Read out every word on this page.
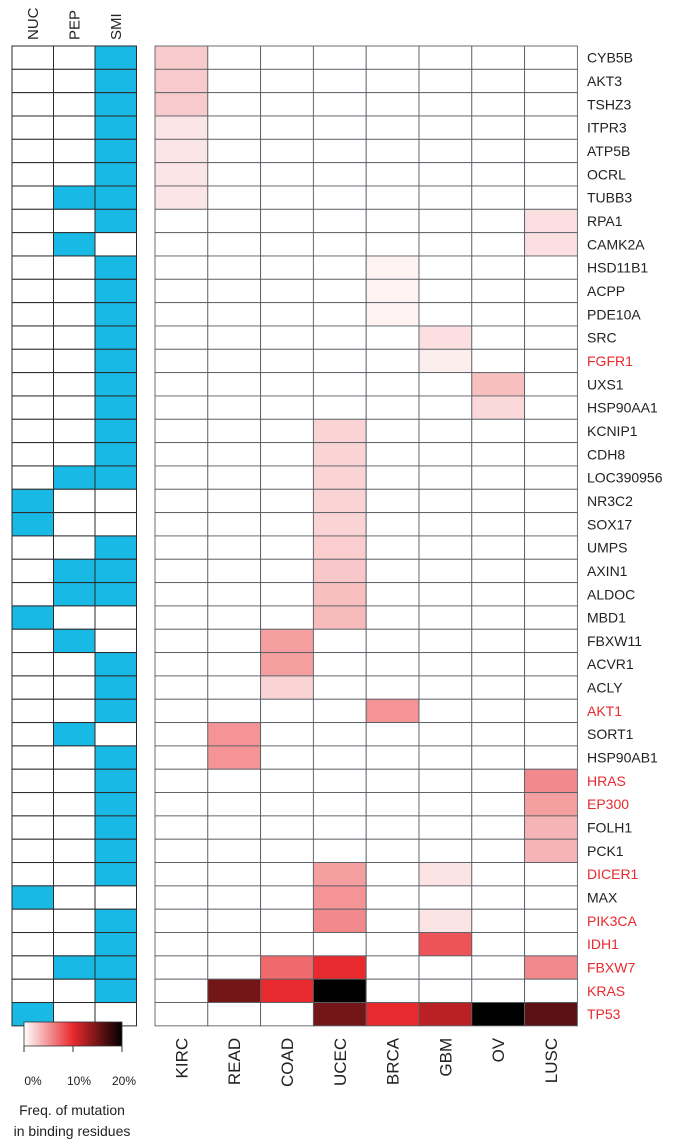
NUC PEP SMI
KIRC READ COAD UCEC BRCA GBM OV LUSC
CYB5B
AKT3
TSHZ3
ITPR3
ATP5B
OCRL
TUBB3
RPA1
CAMK2A
HSD11B1
ACPP
PDE10A
SRC
FGFR1
UXS1
HSP90AA1
KCNIP1
CDH8
LOC390956
NR3C2
SOX17
UMPS
AXIN1
ALDOC
MBD1
FBXW11
ACVR1
ACLY
AKT1
SORT1
HSP90AB1
HRAS
EP300
FOLH1
PCK1
DICER1
MAX
PIK3CA
IDH1
FBXW7
KRAS
TP53
0% 10% 20%
Freq. of mutation
in binding residues
